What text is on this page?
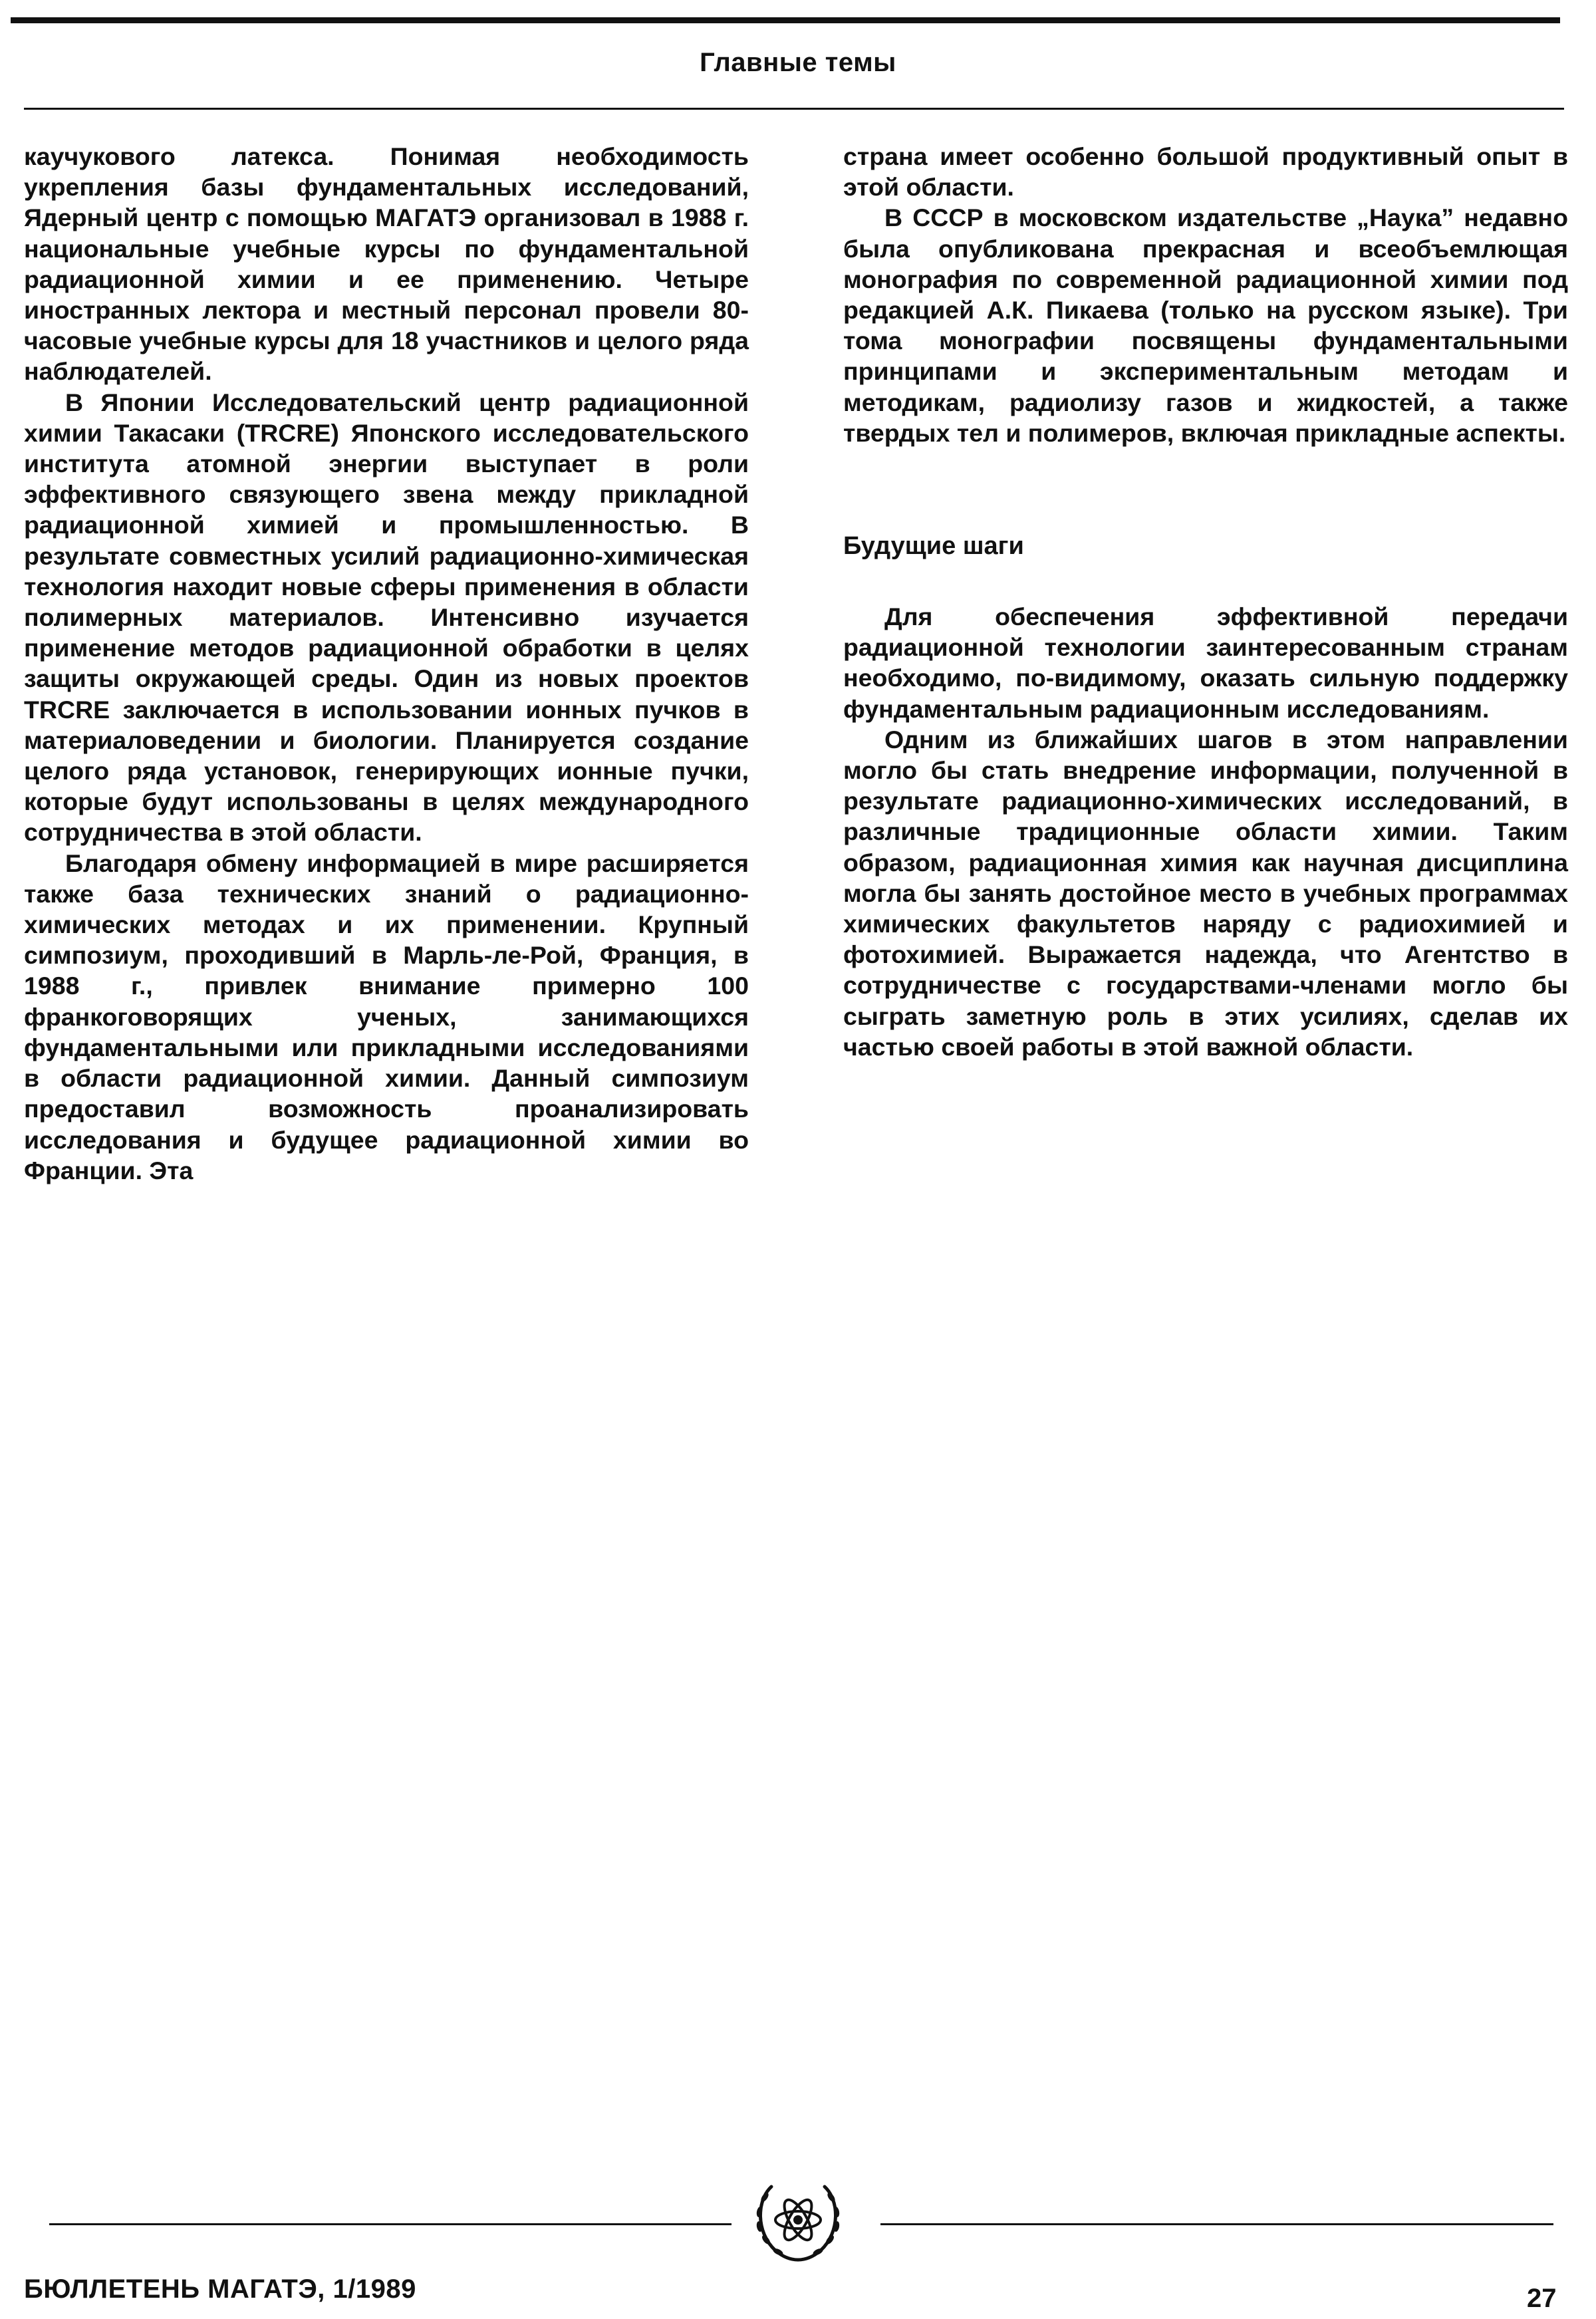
Главные темы

каучукового латекса. Понимая необходимость укрепления базы фундаментальных исследований, Ядерный центр с помощью МАГАТЭ организовал в 1988 г. национальные учебные курсы по фундаментальной радиационной химии и ее применению. Четыре иностранных лектора и местный персонал провели 80-часовые учебные курсы для 18 участников и целого ряда наблюдателей.

В Японии Исследовательский центр радиационной химии Такасаки (TRCRE) Японского исследовательского института атомной энергии выступает в роли эффективного связующего звена между прикладной радиационной химией и промышленностью. В результате совместных усилий радиационно-химическая технология находит новые сферы применения в области полимерных материалов. Интенсивно изучается применение методов радиационной обработки в целях защиты окружающей среды. Один из новых проектов TRCRE заключается в использовании ионных пучков в материаловедении и биологии. Планируется создание целого ряда установок, генерирующих ионные пучки, которые будут использованы в целях международного сотрудничества в этой области.

Благодаря обмену информацией в мире расширяется также база технических знаний о радиационно-химических методах и их применении. Крупный симпозиум, проходивший в Марль-ле-Рой, Франция, в 1988 г., привлек внимание примерно 100 франкоговорящих ученых, занимающихся фундаментальными или прикладными исследованиями в области радиационной химии. Данный симпозиум предоставил возможность проанализировать исследования и будущее радиационной химии во Франции. Эта

страна имеет особенно большой продуктивный опыт в этой области.

В СССР в московском издательстве „Наука” недавно была опубликована прекрасная и всеобъемлющая монография по современной радиационной химии под редакцией А.К. Пикаева (только на русском языке). Три тома монографии посвящены фундаментальными принципами и экспериментальным методам и методикам, радиолизу газов и жидкостей, а также твердых тел и полимеров, включая прикладные аспекты.

Будущие шаги

Для обеспечения эффективной передачи радиационной технологии заинтересованным странам необходимо, по-видимому, оказать сильную поддержку фундаментальным радиационным исследованиям.

Одним из ближайших шагов в этом направлении могло бы стать внедрение информации, полученной в результате радиационно-химических исследований, в различные традиционные области химии. Таким образом, радиационная химия как научная дисциплина могла бы занять достойное место в учебных программах химических факультетов наряду с радиохимией и фотохимией. Выражается надежда, что Агентство в сотрудничестве с государствами-членами могло бы сыграть заметную роль в этих усилиях, сделав их частью своей работы в этой важной области.

БЮЛЛЕТЕНЬ МАГАТЭ, 1/1989	27
